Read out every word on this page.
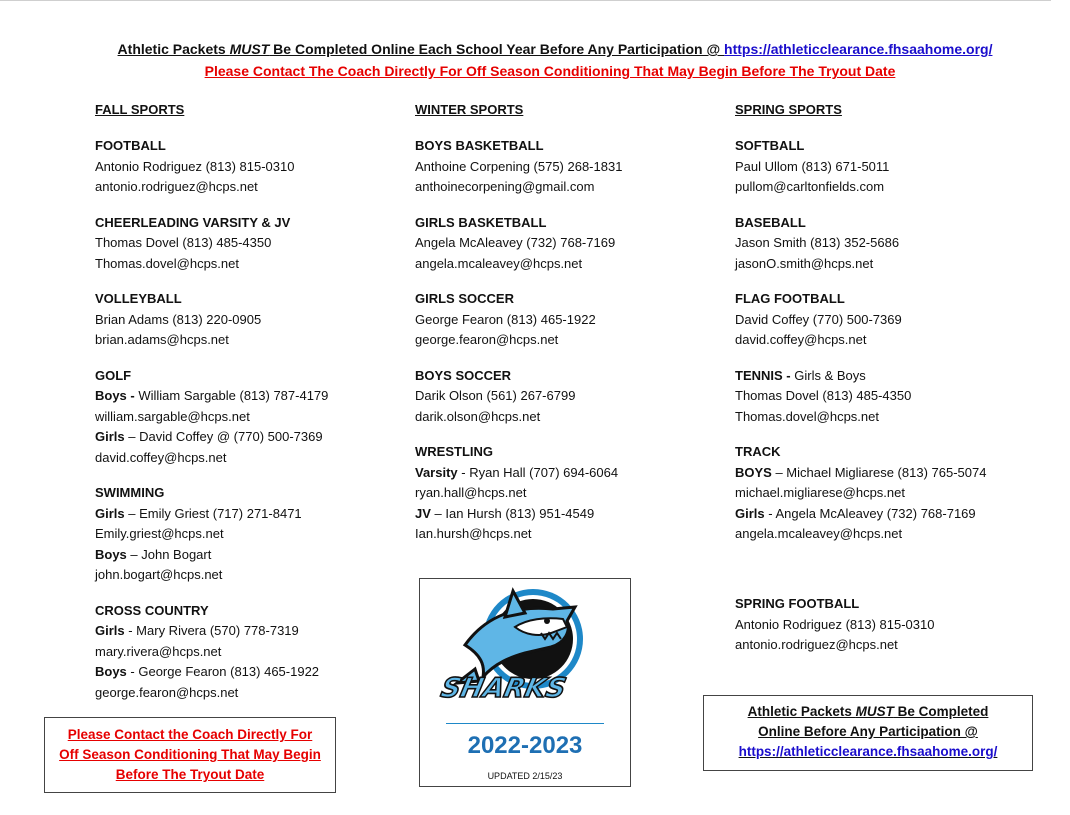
Athletic Packets MUST Be Completed Online Each School Year Before Any Participation @ https://athleticclearance.fhsaahome.org/
Please Contact The Coach Directly For Off Season Conditioning That May Begin Before The Tryout Date
FALL SPORTS
FOOTBALL
Antonio Rodriguez (813) 815-0310
antonio.rodriguez@hcps.net
CHEERLEADING VARSITY & JV
Thomas Dovel (813) 485-4350
Thomas.dovel@hcps.net
VOLLEYBALL
Brian Adams (813) 220-0905
brian.adams@hcps.net
GOLF
Boys - William Sargable (813) 787-4179
william.sargable@hcps.net
Girls – David Coffey @ (770) 500-7369
david.coffey@hcps.net
SWIMMING
Girls – Emily Griest (717) 271-8471
Emily.griest@hcps.net
Boys – John Bogart
john.bogart@hcps.net
CROSS COUNTRY
Girls - Mary Rivera (570) 778-7319
mary.rivera@hcps.net
Boys - George Fearon (813) 465-1922
george.fearon@hcps.net
WINTER SPORTS
BOYS BASKETBALL
Anthoine Corpening (575) 268-1831
anthoinecorpening@gmail.com
GIRLS BASKETBALL
Angela McAleavey (732) 768-7169
angela.mcaleavey@hcps.net
GIRLS SOCCER
George Fearon (813) 465-1922
george.fearon@hcps.net
BOYS SOCCER
Darik Olson (561) 267-6799
darik.olson@hcps.net
WRESTLING
Varsity - Ryan Hall (707) 694-6064
ryan.hall@hcps.net
JV – Ian Hursh (813) 951-4549
Ian.hursh@hcps.net
SPRING SPORTS
SOFTBALL
Paul Ullom (813) 671-5011
pullom@carltonfields.com
BASEBALL
Jason Smith (813) 352-5686
jasonO.smith@hcps.net
FLAG FOOTBALL
David Coffey (770) 500-7369
david.coffey@hcps.net
TENNIS - Girls & Boys
Thomas Dovel (813) 485-4350
Thomas.dovel@hcps.net
TRACK
BOYS – Michael Migliarese (813) 765-5074
michael.migliarese@hcps.net
Girls - Angela McAleavey (732) 768-7169
angela.mcaleavey@hcps.net
SPRING FOOTBALL
Antonio Rodriguez (813) 815-0310
antonio.rodriguez@hcps.net
Please Contact the Coach Directly For
Off Season Conditioning That May Begin
Before The Tryout Date
SHARKS
2022-2023
UPDATED 2/15/23
Athletic Packets MUST Be Completed
Online Before Any Participation @
https://athleticclearance.fhsaahome.org/
